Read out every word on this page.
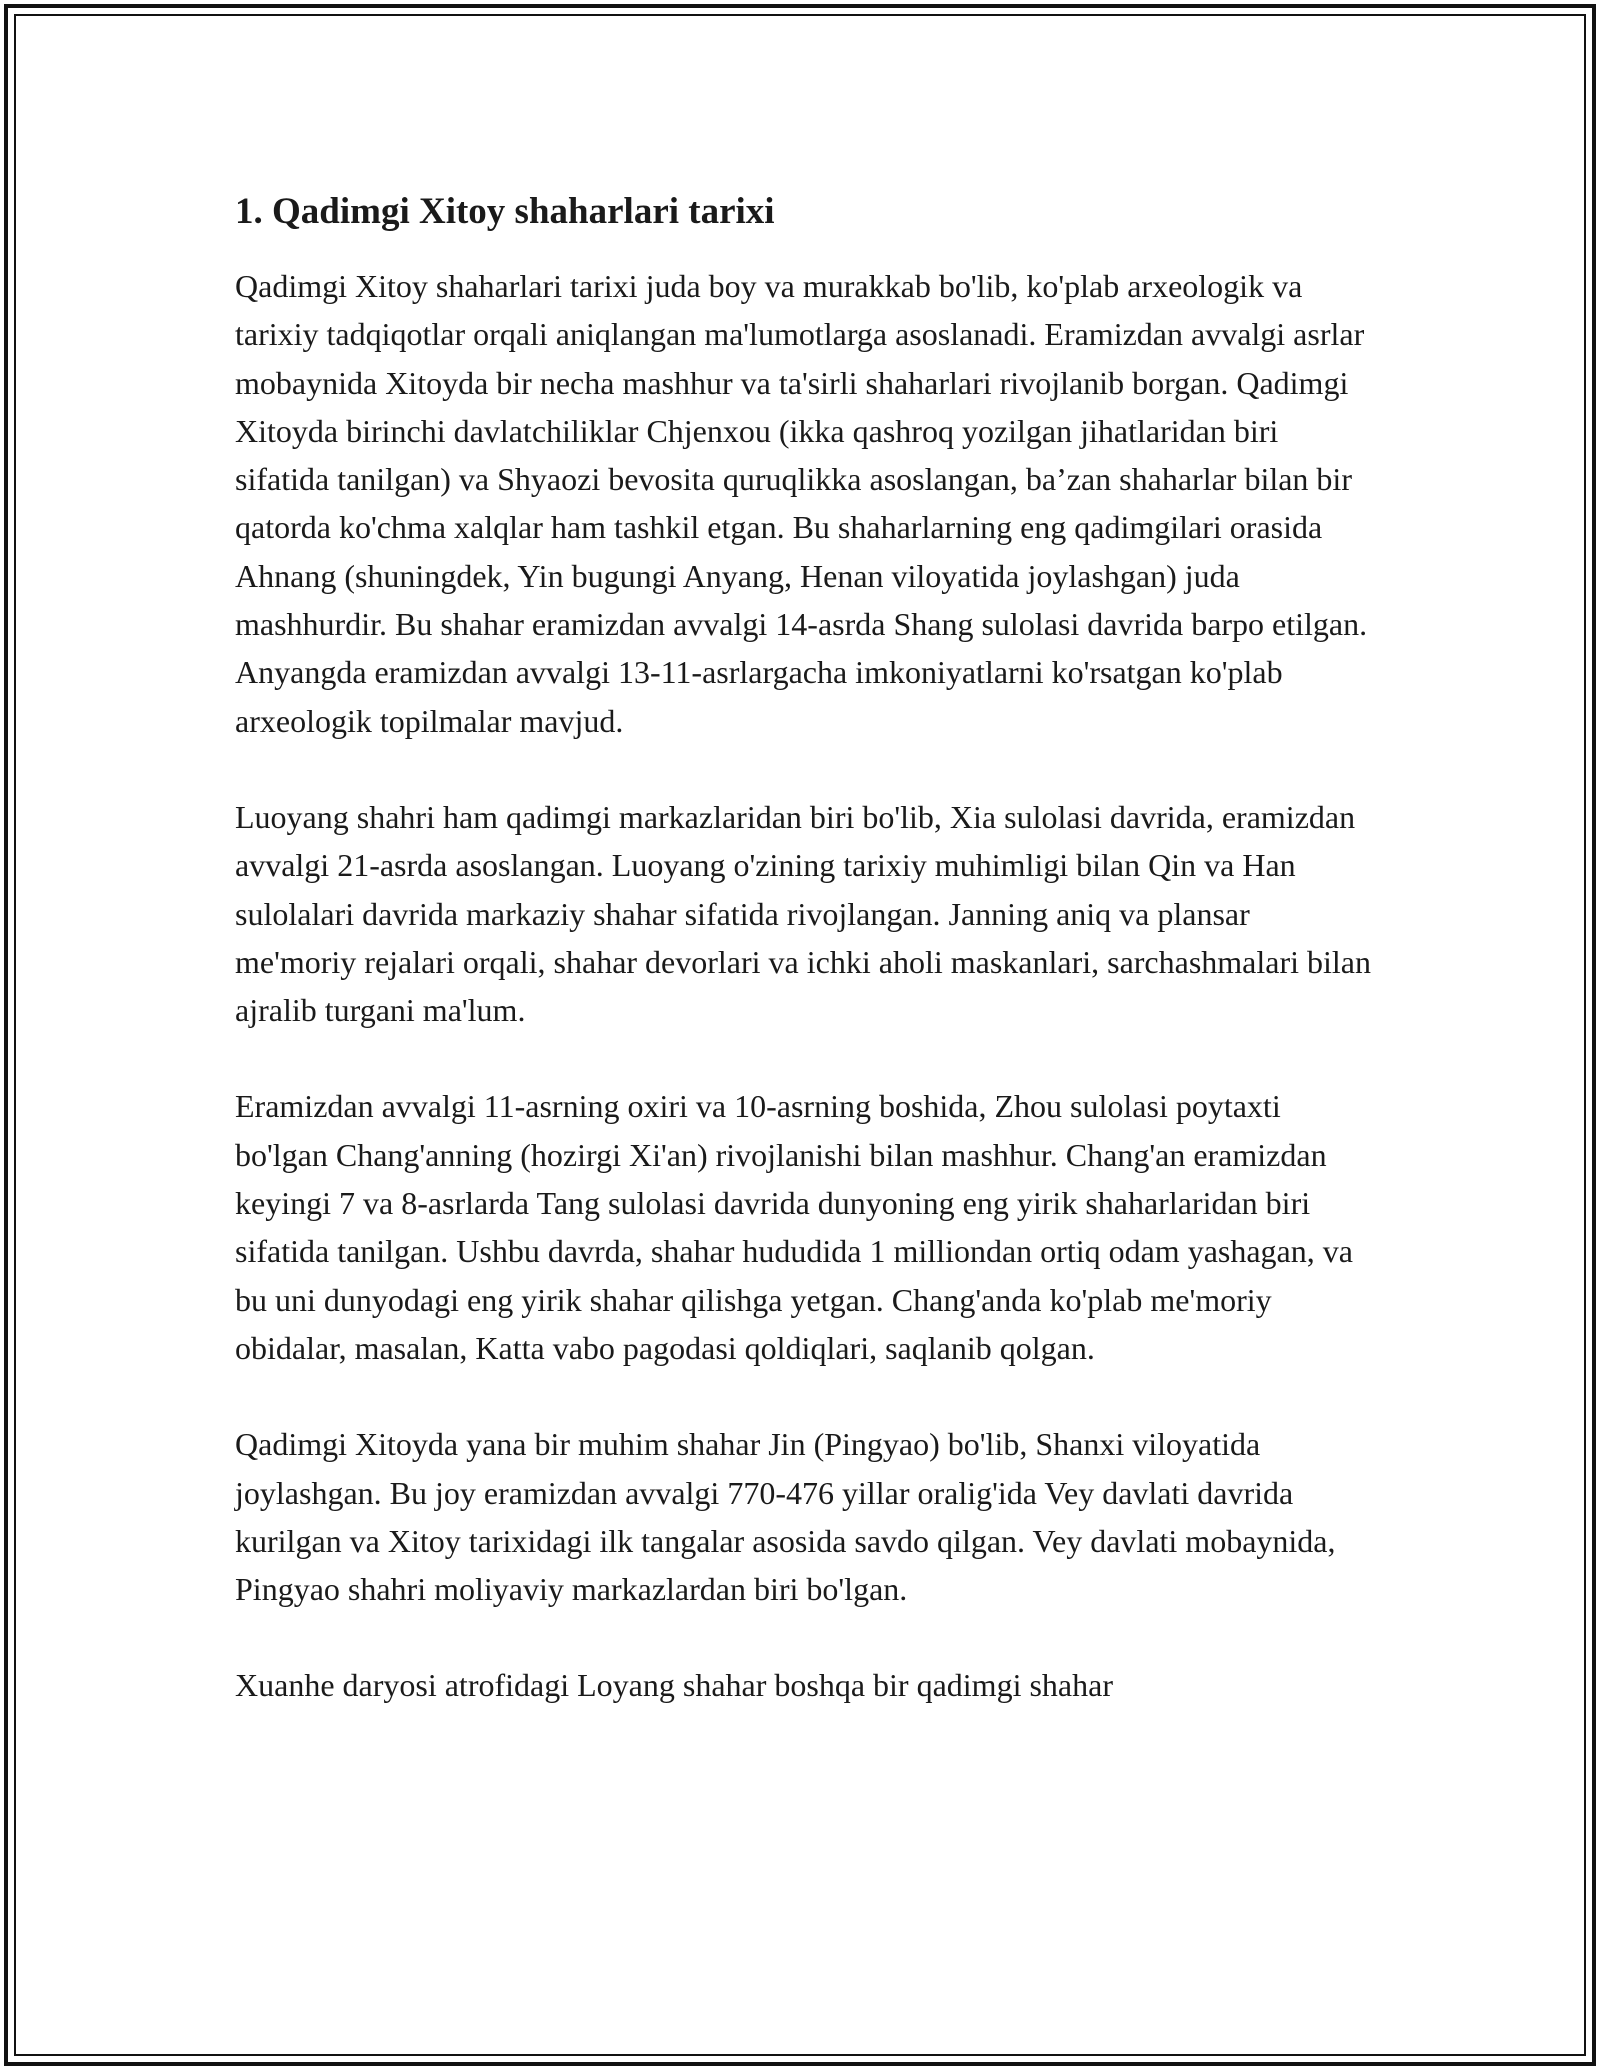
1. Qadimgi Xitoy shaharlari tarixi

Qadimgi Xitoy shaharlari tarixi juda boy va murakkab bo'lib, ko'plab arxeologik va tarixiy tadqiqotlar orqali aniqlangan ma'lumotlarga asoslanadi. Eramizdan avvalgi asrlar mobaynida Xitoyda bir necha mashhur va ta'sirli shaharlari rivojlanib borgan. Qadimgi Xitoyda birinchi davlatchiliklar Chjenxou (ikka qashroq yozilgan jihatlaridan biri sifatida tanilgan) va Shyaozi bevosita quruqlikka asoslangan, ba’zan shaharlar bilan bir qatorda ko'chma xalqlar ham tashkil etgan. Bu shaharlarning eng qadimgilari orasida Ahnang (shuningdek, Yin bugungi Anyang, Henan viloyatida joylashgan) juda mashhurdir. Bu shahar eramizdan avvalgi 14-asrda Shang sulolasi davrida barpo etilgan. Anyangda eramizdan avvalgi 13-11-asrlargacha imkoniyatlarni ko'rsatgan ko'plab arxeologik topilmalar mavjud.

Luoyang shahri ham qadimgi markazlaridan biri bo'lib, Xia sulolasi davrida, eramizdan avvalgi 21-asrda asoslangan. Luoyang o'zining tarixiy muhimligi bilan Qin va Han sulolalari davrida markaziy shahar sifatida rivojlangan. Janning aniq va plansar me'moriy rejalari orqali, shahar devorlari va ichki aholi maskanlari, sarchashmalari bilan ajralib turgani ma'lum.

Eramizdan avvalgi 11-asrning oxiri va 10-asrning boshida, Zhou sulolasi poytaxti bo'lgan Chang'anning (hozirgi Xi'an) rivojlanishi bilan mashhur. Chang'an eramizdan keyingi 7 va 8-asrlarda Tang sulolasi davrida dunyoning eng yirik shaharlaridan biri sifatida tanilgan. Ushbu davrda, shahar hududida 1 milliondan ortiq odam yashagan, va bu uni dunyodagi eng yirik shahar qilishga yetgan. Chang'anda ko'plab me'moriy obidalar, masalan, Katta vabo pagodasi qoldiqlari, saqlanib qolgan.

Qadimgi Xitoyda yana bir muhim shahar Jin (Pingyao) bo'lib, Shanxi viloyatida joylashgan. Bu joy eramizdan avvalgi 770-476 yillar oralig'ida Vey davlati davrida kurilgan va Xitoy tarixidagi ilk tangalar asosida savdo qilgan. Vey davlati mobaynida, Pingyao shahri moliyaviy markazlardan biri bo'lgan.

Xuanhe daryosi atrofidagi Loyang shahar boshqa bir qadimgi shahar
